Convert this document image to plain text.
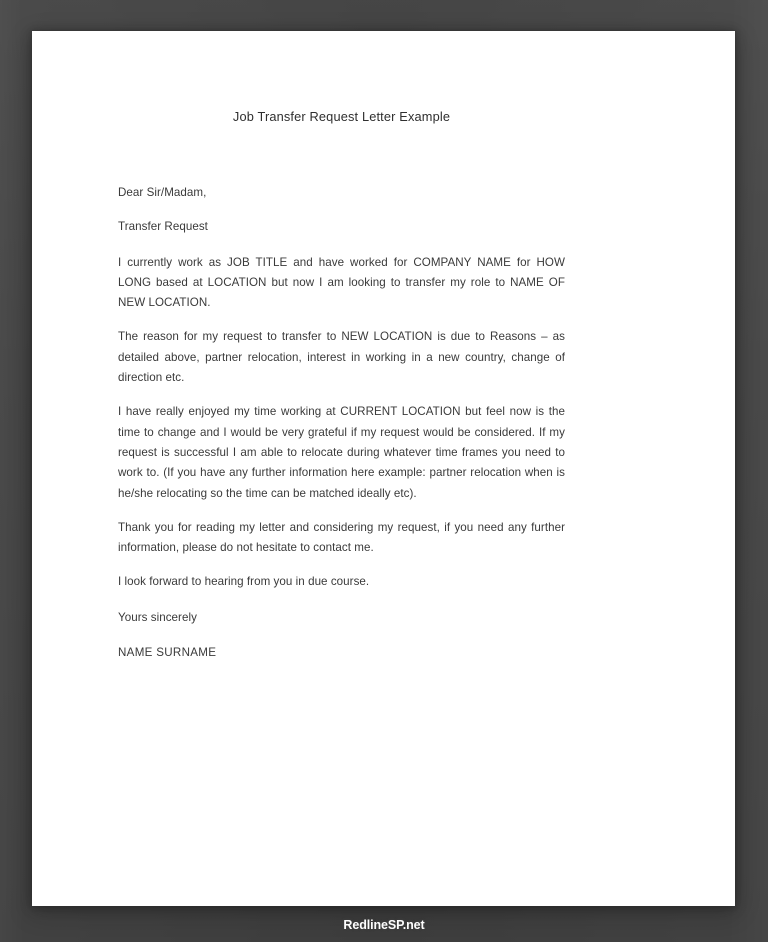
Job Transfer Request Letter Example

Dear Sir/Madam,

Transfer Request

I currently work as JOB TITLE and have worked for COMPANY NAME for HOW LONG based at LOCATION but now I am looking to transfer my role to NAME OF NEW LOCATION.

The reason for my request to transfer to NEW LOCATION is due to Reasons – as detailed above, partner relocation, interest in working in a new country, change of direction etc.

I have really enjoyed my time working at CURRENT LOCATION but feel now is the time to change and I would be very grateful if my request would be considered. If my request is successful I am able to relocate during whatever time frames you need to work to. (If you have any further information here example: partner relocation when is he/she relocating so the time can be matched ideally etc).

Thank you for reading my letter and considering my request, if you need any further information, please do not hesitate to contact me.

I look forward to hearing from you in due course.

Yours sincerely

NAME SURNAME

RedlineSP.net
